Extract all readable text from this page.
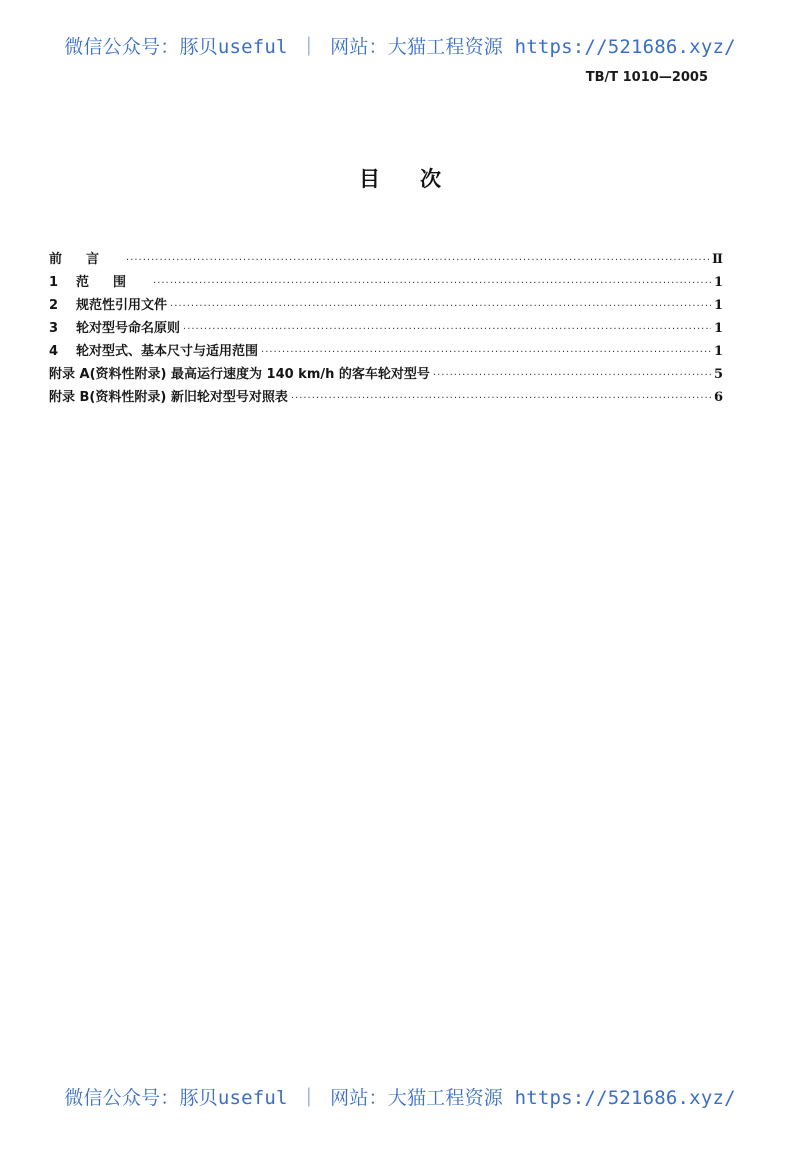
微信公众号：豚贝useful ｜ 网站：大猫工程资源 https://521686.xyz/
TB/T 1010—2005
目次
前言 ·····	Ⅱ
1 范围 ·····	1
2 规范性引用文件 ·····	1
3 轮对型号命名原则 ·····	1
4 轮对型式、基本尺寸与适用范围 ·····	1
附录 A(资料性附录) 最高运行速度为 140 km/h 的客车轮对型号 ·····	5
附录 B(资料性附录) 新旧轮对型号对照表 ·····	6
微信公众号：豚贝useful ｜ 网站：大猫工程资源 https://521686.xyz/
